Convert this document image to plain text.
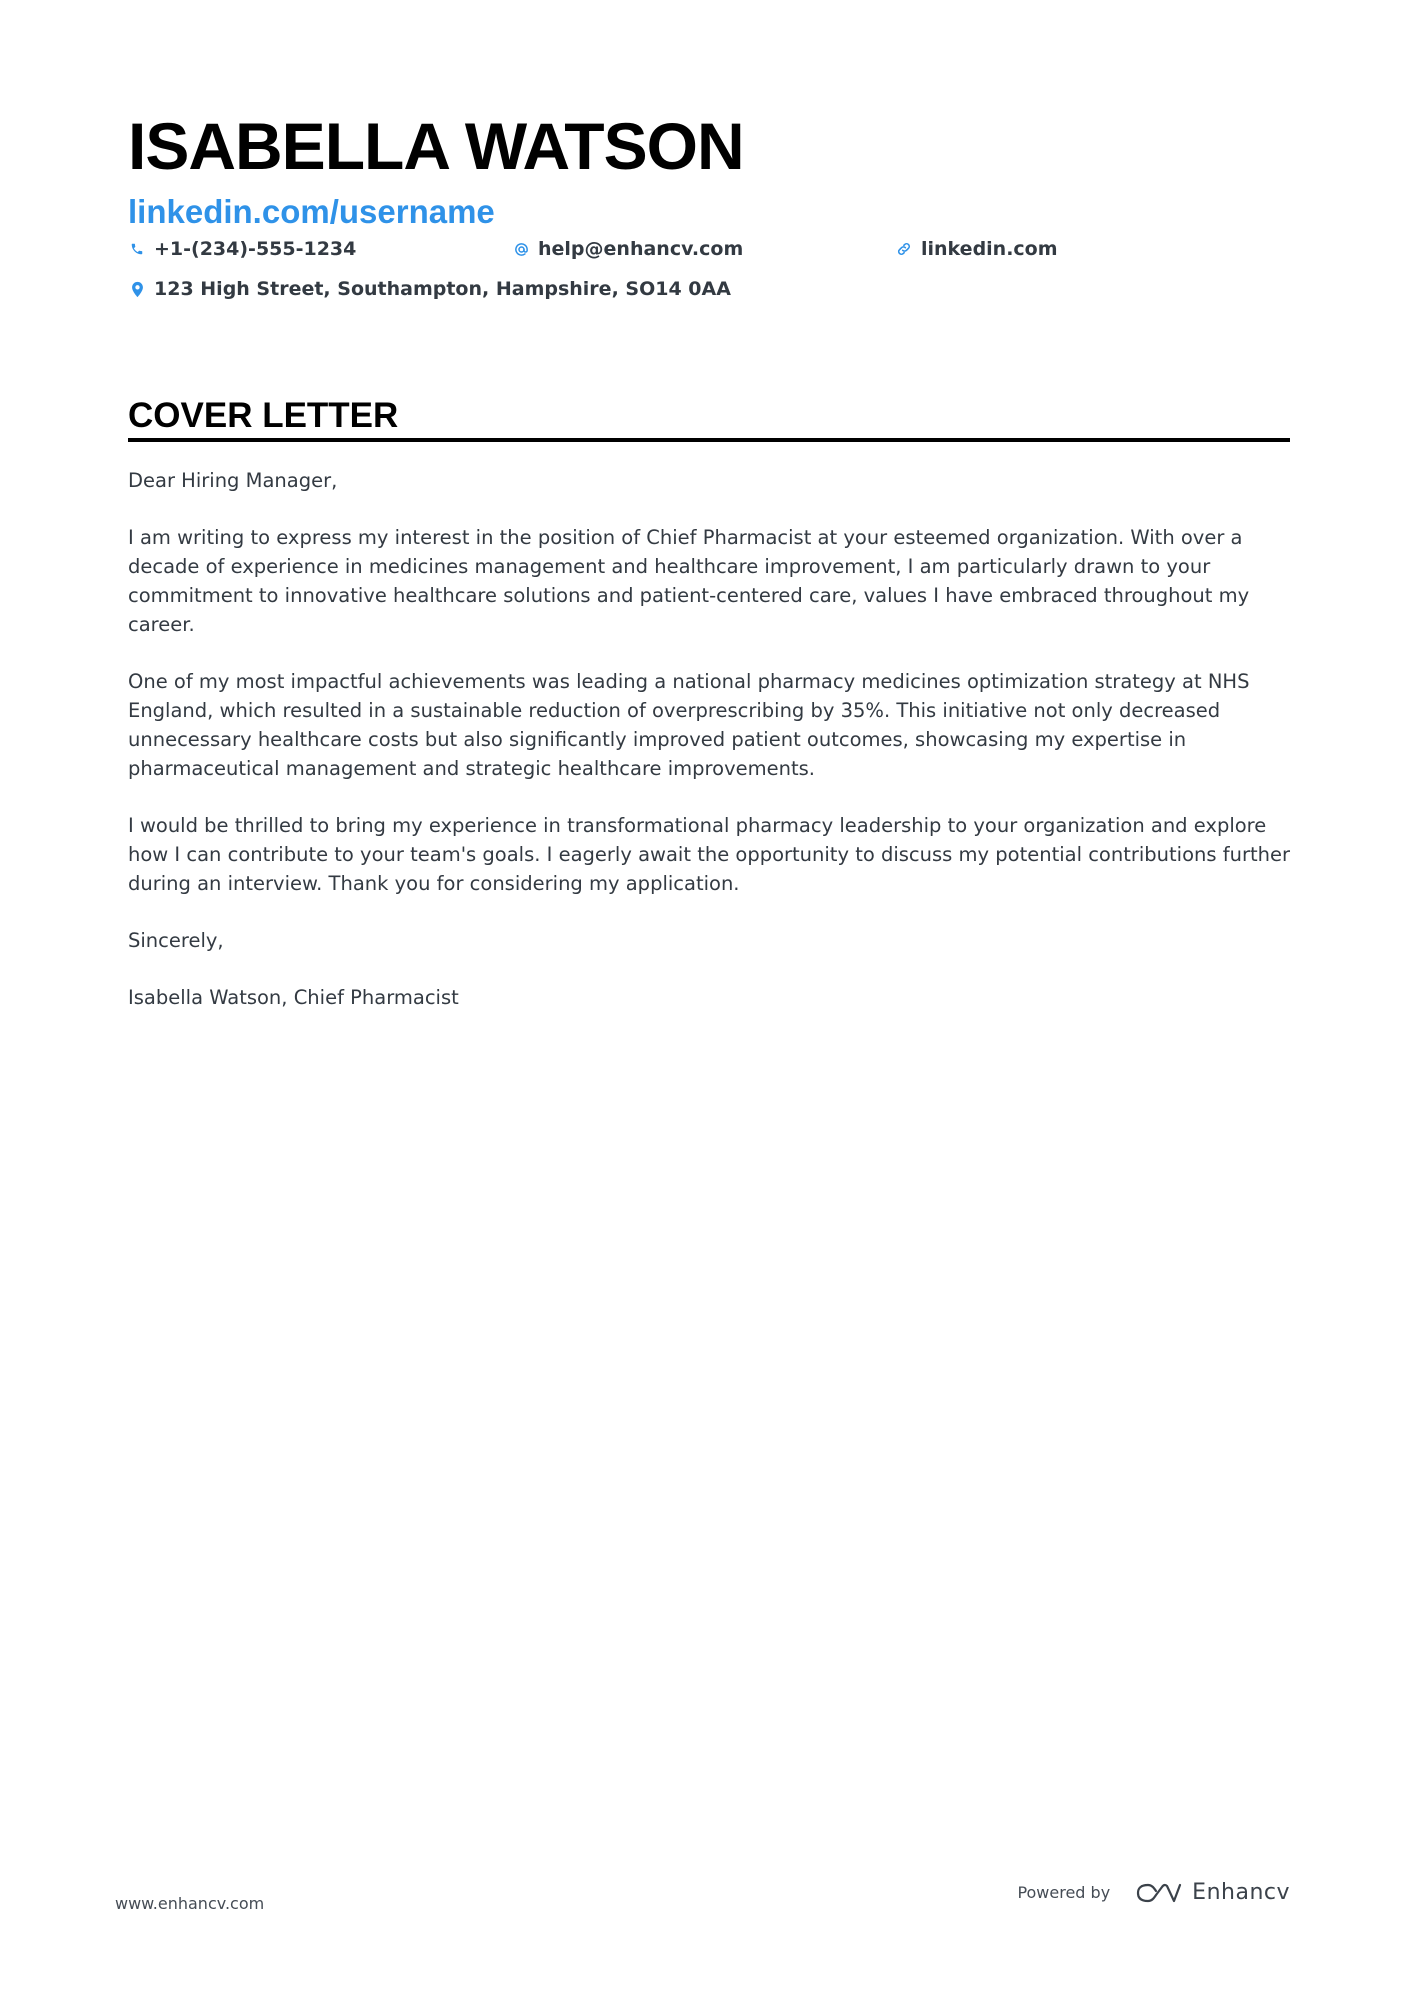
ISABELLA WATSON
linkedin.com/username
+1-(234)-555-1234	help@enhancv.com	linkedin.com
123 High Street, Southampton, Hampshire, SO14 0AA
COVER LETTER

Dear Hiring Manager,

I am writing to express my interest in the position of Chief Pharmacist at your esteemed organization. With over a decade of experience in medicines management and healthcare improvement, I am particularly drawn to your commitment to innovative healthcare solutions and patient-centered care, values I have embraced throughout my career.

One of my most impactful achievements was leading a national pharmacy medicines optimization strategy at NHS England, which resulted in a sustainable reduction of overprescribing by 35%. This initiative not only decreased unnecessary healthcare costs but also significantly improved patient outcomes, showcasing my expertise in pharmaceutical management and strategic healthcare improvements.

I would be thrilled to bring my experience in transformational pharmacy leadership to your organization and explore how I can contribute to your team's goals. I eagerly await the opportunity to discuss my potential contributions further during an interview. Thank you for considering my application.

Sincerely,

Isabella Watson, Chief Pharmacist

www.enhancv.com
Powered by	Enhancv
